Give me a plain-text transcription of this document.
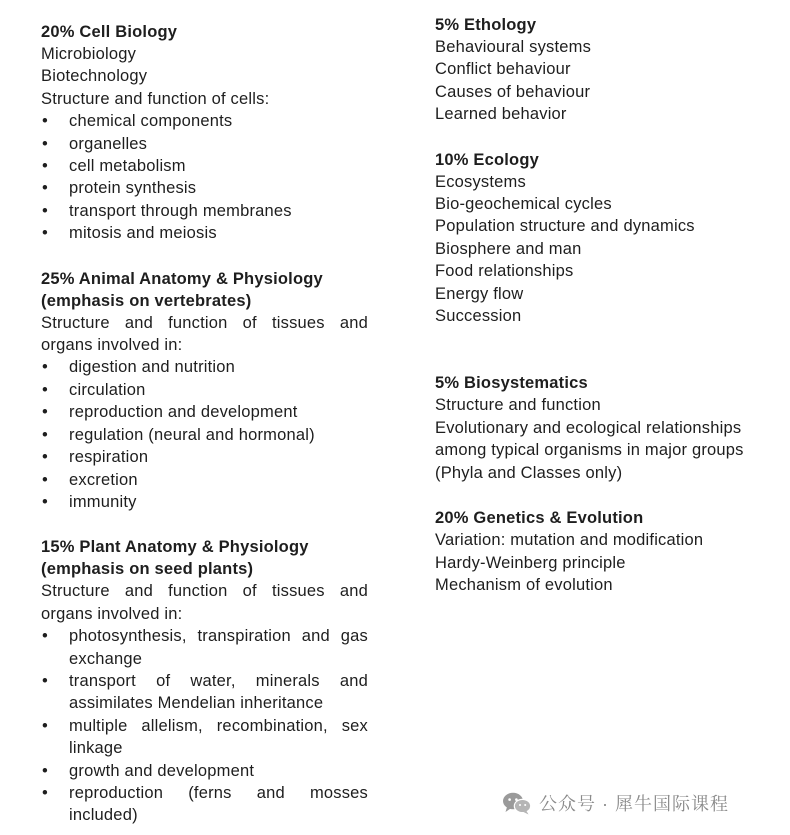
20% Cell Biology
Microbiology
Biotechnology
Structure and function of cells:
• chemical components
• organelles
• cell metabolism
• protein synthesis
• transport through membranes
• mitosis and meiosis
25% Animal Anatomy & Physiology
(emphasis on vertebrates)
Structure and function of tissues and organs involved in:
• digestion and nutrition
• circulation
• reproduction and development
• regulation (neural and hormonal)
• respiration
• excretion
• immunity
15% Plant Anatomy & Physiology
(emphasis on seed plants)
Structure and function of tissues and organs involved in:
• photosynthesis, transpiration and gas exchange
• transport of water, minerals and assimilates Mendelian inheritance
• multiple allelism, recombination, sex linkage
• growth and development
• reproduction (ferns and mosses included)
5% Ethology
Behavioural systems
Conflict behaviour
Causes of behaviour
Learned behavior
10% Ecology
Ecosystems
Bio-geochemical cycles
Population structure and dynamics
Biosphere and man
Food relationships
Energy flow
Succession
5% Biosystematics
Structure and function
Evolutionary and ecological relationships
among typical organisms in major groups
(Phyla and Classes only)
20% Genetics & Evolution
Variation: mutation and modification
Hardy-Weinberg principle
Mechanism of evolution
公众号 · 犀牛国际课程
